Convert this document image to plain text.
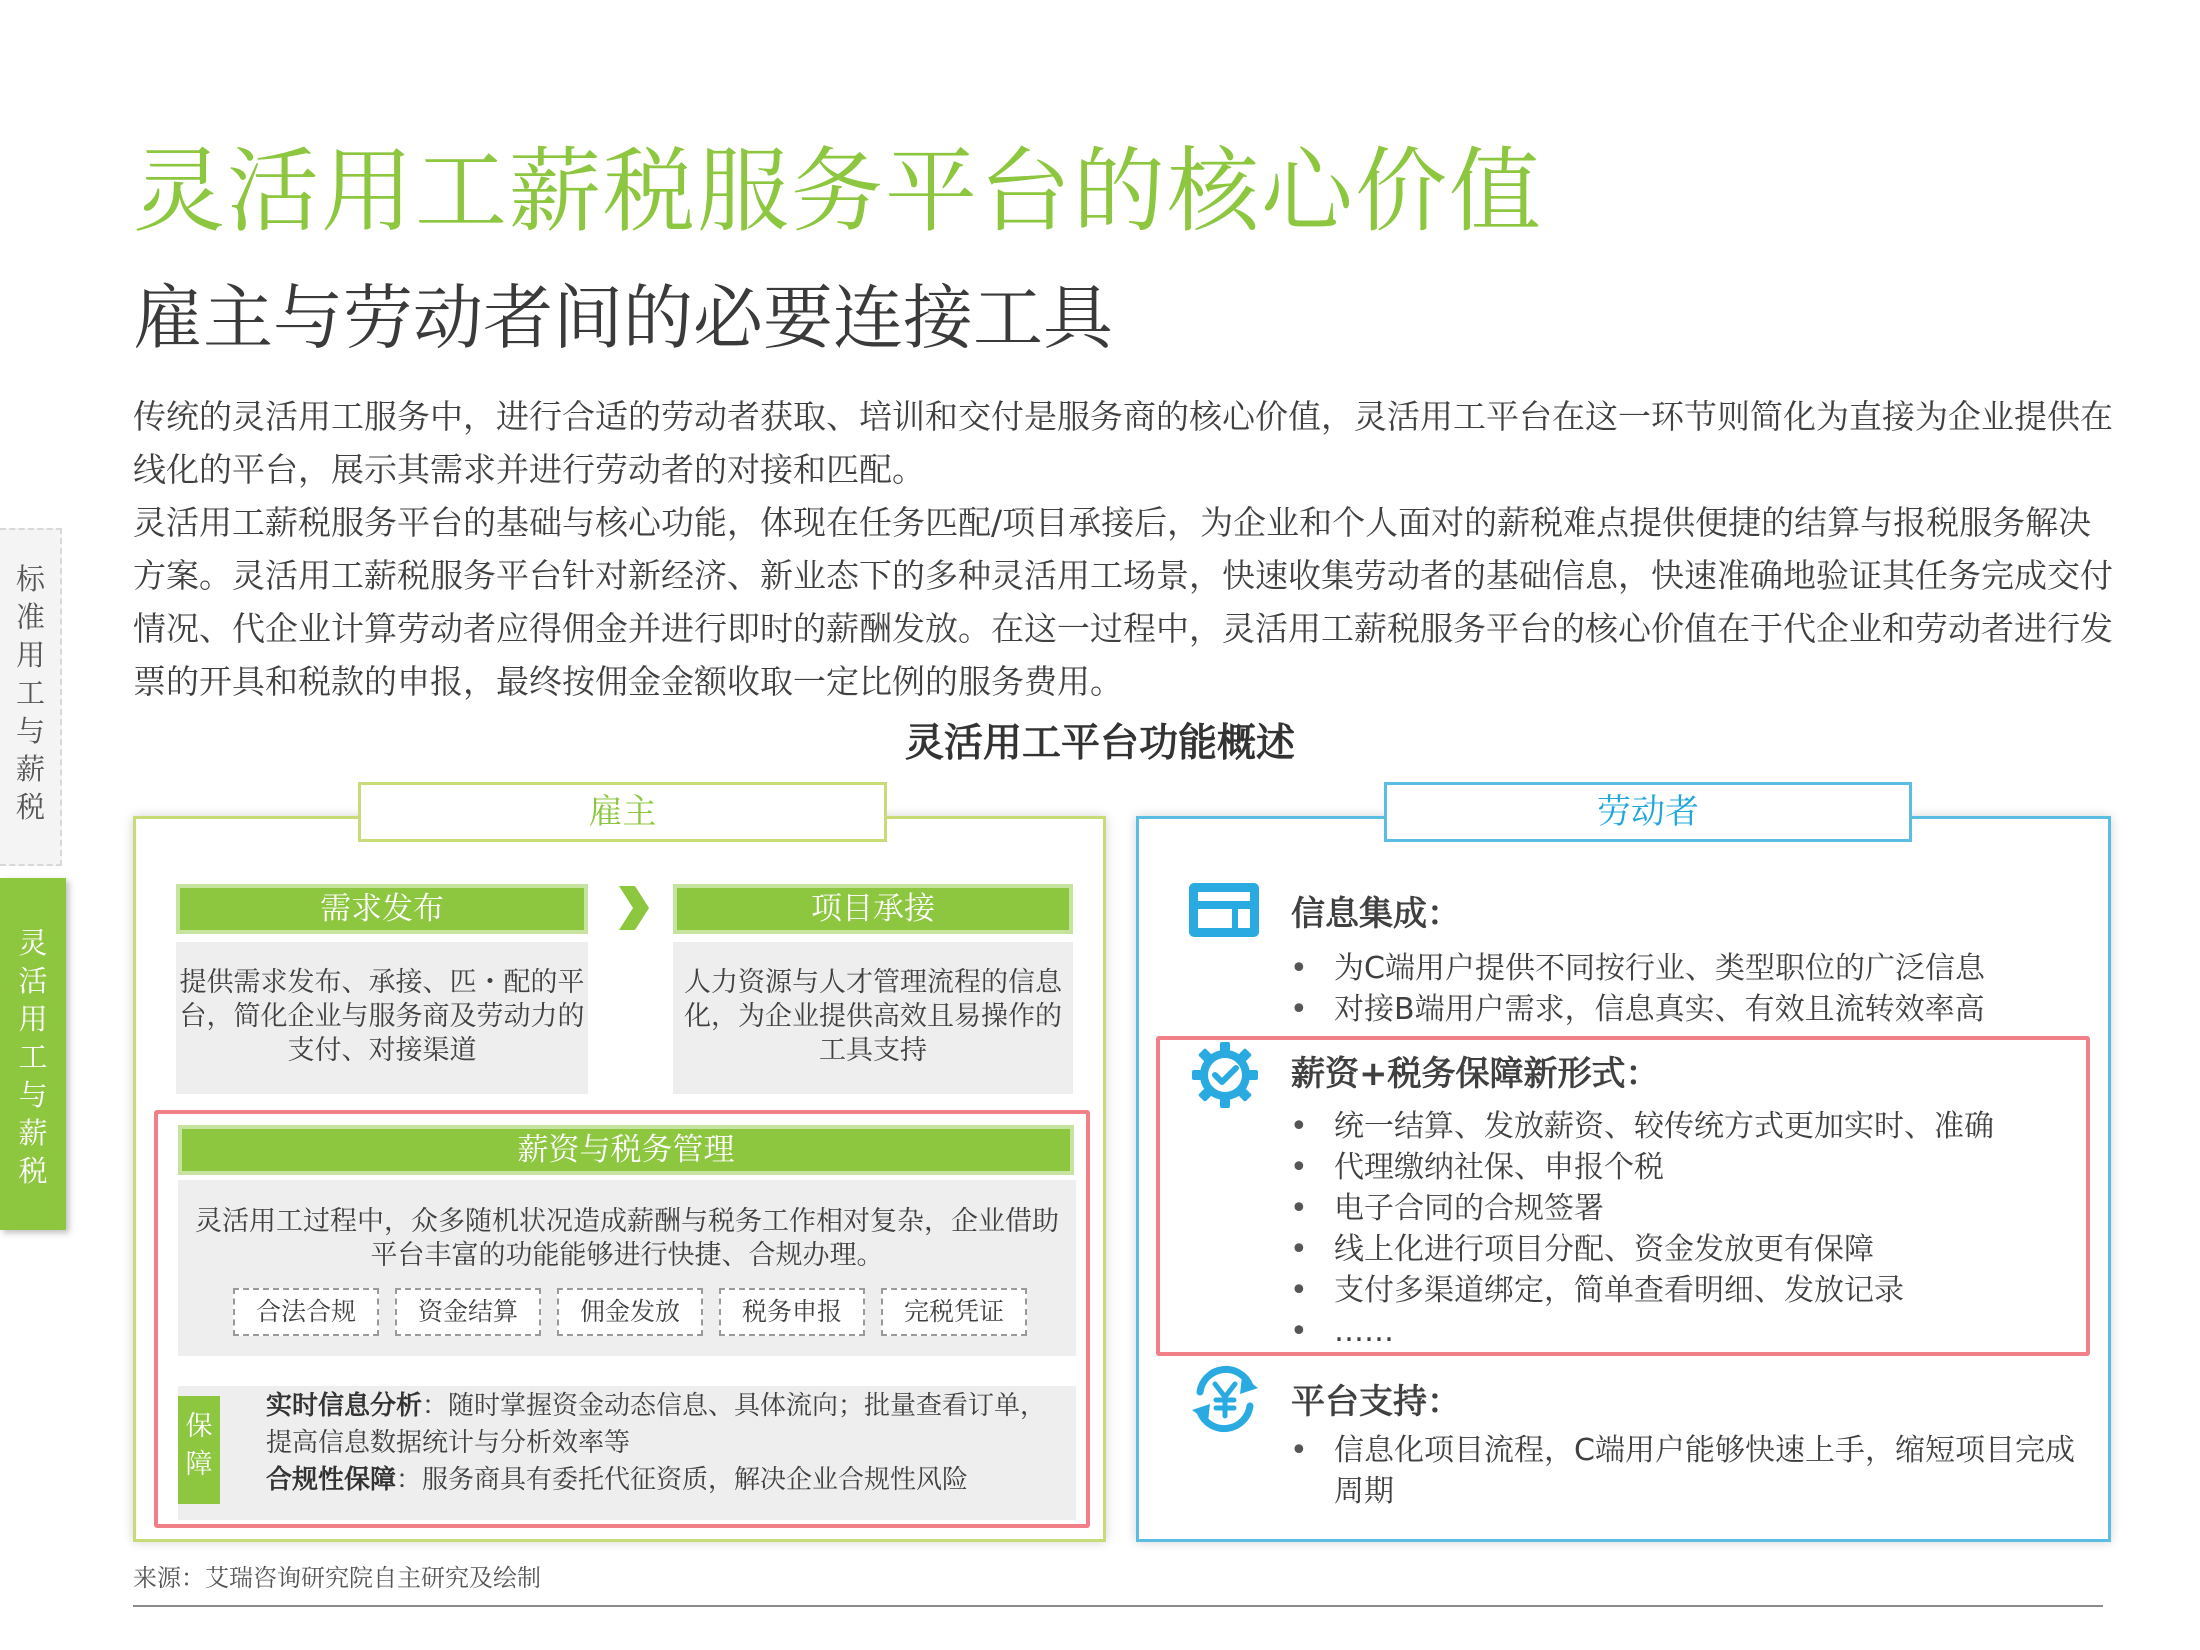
灵活用工薪税服务平台的核心价值
雇主与劳动者间的必要连接工具
传统的灵活用工服务中，进行合适的劳动者获取、培训和交付是服务商的核心价值，灵活用工平台在这一环节则简化为直接为企业提供在线化的平台，展示其需求并进行劳动者的对接和匹配。
灵活用工薪税服务平台的基础与核心功能，体现在任务匹配/项目承接后，为企业和个人面对的薪税难点提供便捷的结算与报税服务解决方案。灵活用工薪税服务平台针对新经济、新业态下的多种灵活用工场景，快速收集劳动者的基础信息，快速准确地验证其任务完成交付情况、代企业计算劳动者应得佣金并进行即时的薪酬发放。在这一过程中，灵活用工薪税服务平台的核心价值在于代企业和劳动者进行发票的开具和税款的申报，最终按佣金金额收取一定比例的服务费用。
标准用工与薪税
灵活用工与薪税
灵活用工平台功能概述
雇主
需求发布	项目承接
提供需求发布、承接、匹・配的平台，简化企业与服务商及劳动力的支付、对接渠道
人力资源与人才管理流程的信息化，为企业提供高效且易操作的工具支持
薪资与税务管理
灵活用工过程中，众多随机状况造成薪酬与税务工作相对复杂，企业借助平台丰富的功能能够进行快捷、合规办理。
合法合规	资金结算	佣金发放	税务申报	完税凭证
保障
实时信息分析：随时掌握资金动态信息、具体流向；批量查看订单，提高信息数据统计与分析效率等
合规性保障：服务商具有委托代征资质，解决企业合规性风险
劳动者
信息集成：
• 为C端用户提供不同按行业、类型职位的广泛信息
• 对接B端用户需求，信息真实、有效且流转效率高
薪资+税务保障新形式：
• 统一结算、发放薪资、较传统方式更加实时、准确
• 代理缴纳社保、申报个税
• 电子合同的合规签署
• 线上化进行项目分配、资金发放更有保障
• 支付多渠道绑定，简单查看明细、发放记录
• ……
平台支持：
• 信息化项目流程，C端用户能够快速上手，缩短项目完成周期
来源：艾瑞咨询研究院自主研究及绘制
